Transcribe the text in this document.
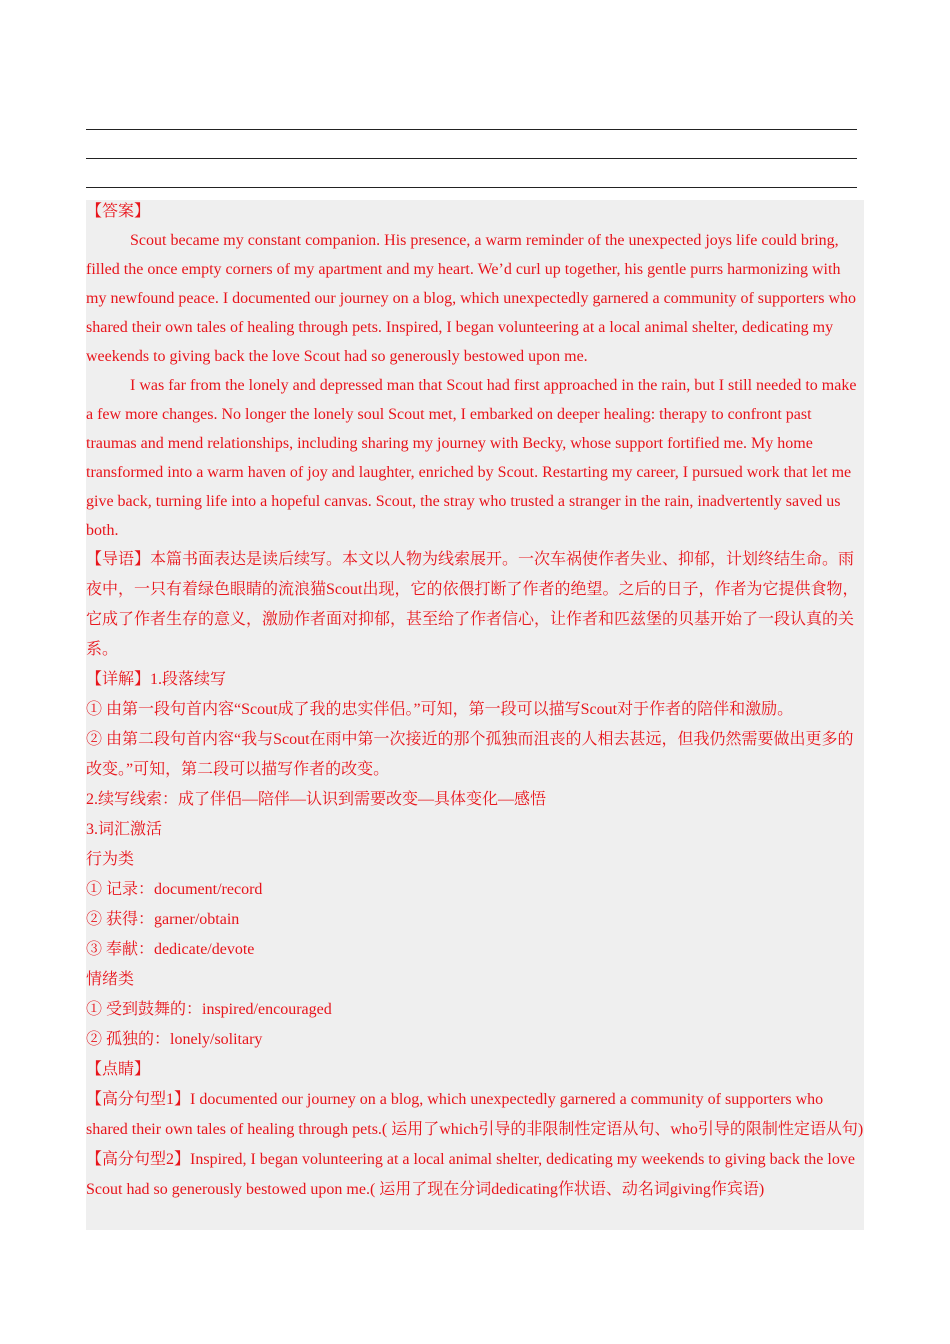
【答案】
Scout became my constant companion. His presence, a warm reminder of the unexpected joys life could bring, filled the once empty corners of my apartment and my heart. We’d curl up together, his gentle purrs harmonizing with my newfound peace. I documented our journey on a blog, which unexpectedly garnered a community of supporters who shared their own tales of healing through pets. Inspired, I began volunteering at a local animal shelter, dedicating my weekends to giving back the love Scout had so generously bestowed upon me.
I was far from the lonely and depressed man that Scout had first approached in the rain, but I still needed to make a few more changes. No longer the lonely soul Scout met, I embarked on deeper healing: therapy to confront past traumas and mend relationships, including sharing my journey with Becky, whose support fortified me. My home transformed into a warm haven of joy and laughter, enriched by Scout. Restarting my career, I pursued work that let me give back, turning life into a hopeful canvas. Scout, the stray who trusted a stranger in the rain, inadvertently saved us both.
【导语】本篇书面表达是读后续写。本文以人物为线索展开。一次车祸使作者失业、抑郁，计划终结生命。雨夜中，一只有着绿色眼睛的流浪猫Scout出现，它的依偎打断了作者的绝望。之后的日子，作者为它提供食物，它成了作者生存的意义，激励作者面对抑郁，甚至给了作者信心，让作者和匹兹堡的贝基开始了一段认真的关系。
【详解】1.段落续写
① 由第一段句首内容“Scout成了我的忠实伴侣。”可知，第一段可以描写Scout对于作者的陪伴和激励。
② 由第二段句首内容“我与Scout在雨中第一次接近的那个孤独而沮丧的人相去甚远，但我仍然需要做出更多的改变。”可知，第二段可以描写作者的改变。
2.续写线索：成了伴侣—陪伴—认识到需要改变—具体变化—感悟
3.词汇激活
行为类
① 记录：document/record
② 获得：garner/obtain
③ 奉献：dedicate/devote
情绪类
① 受到鼓舞的：inspired/encouraged
② 孤独的：lonely/solitary
【点睛】
【高分句型1】I documented our journey on a blog, which unexpectedly garnered a community of supporters who shared their own tales of healing through pets.( 运用了which引导的非限制性定语从句、who引导的限制性定语从句)
【高分句型2】Inspired, I began volunteering at a local animal shelter, dedicating my weekends to giving back the love Scout had so generously bestowed upon me.( 运用了现在分词dedicating作状语、动名词giving作宾语)
